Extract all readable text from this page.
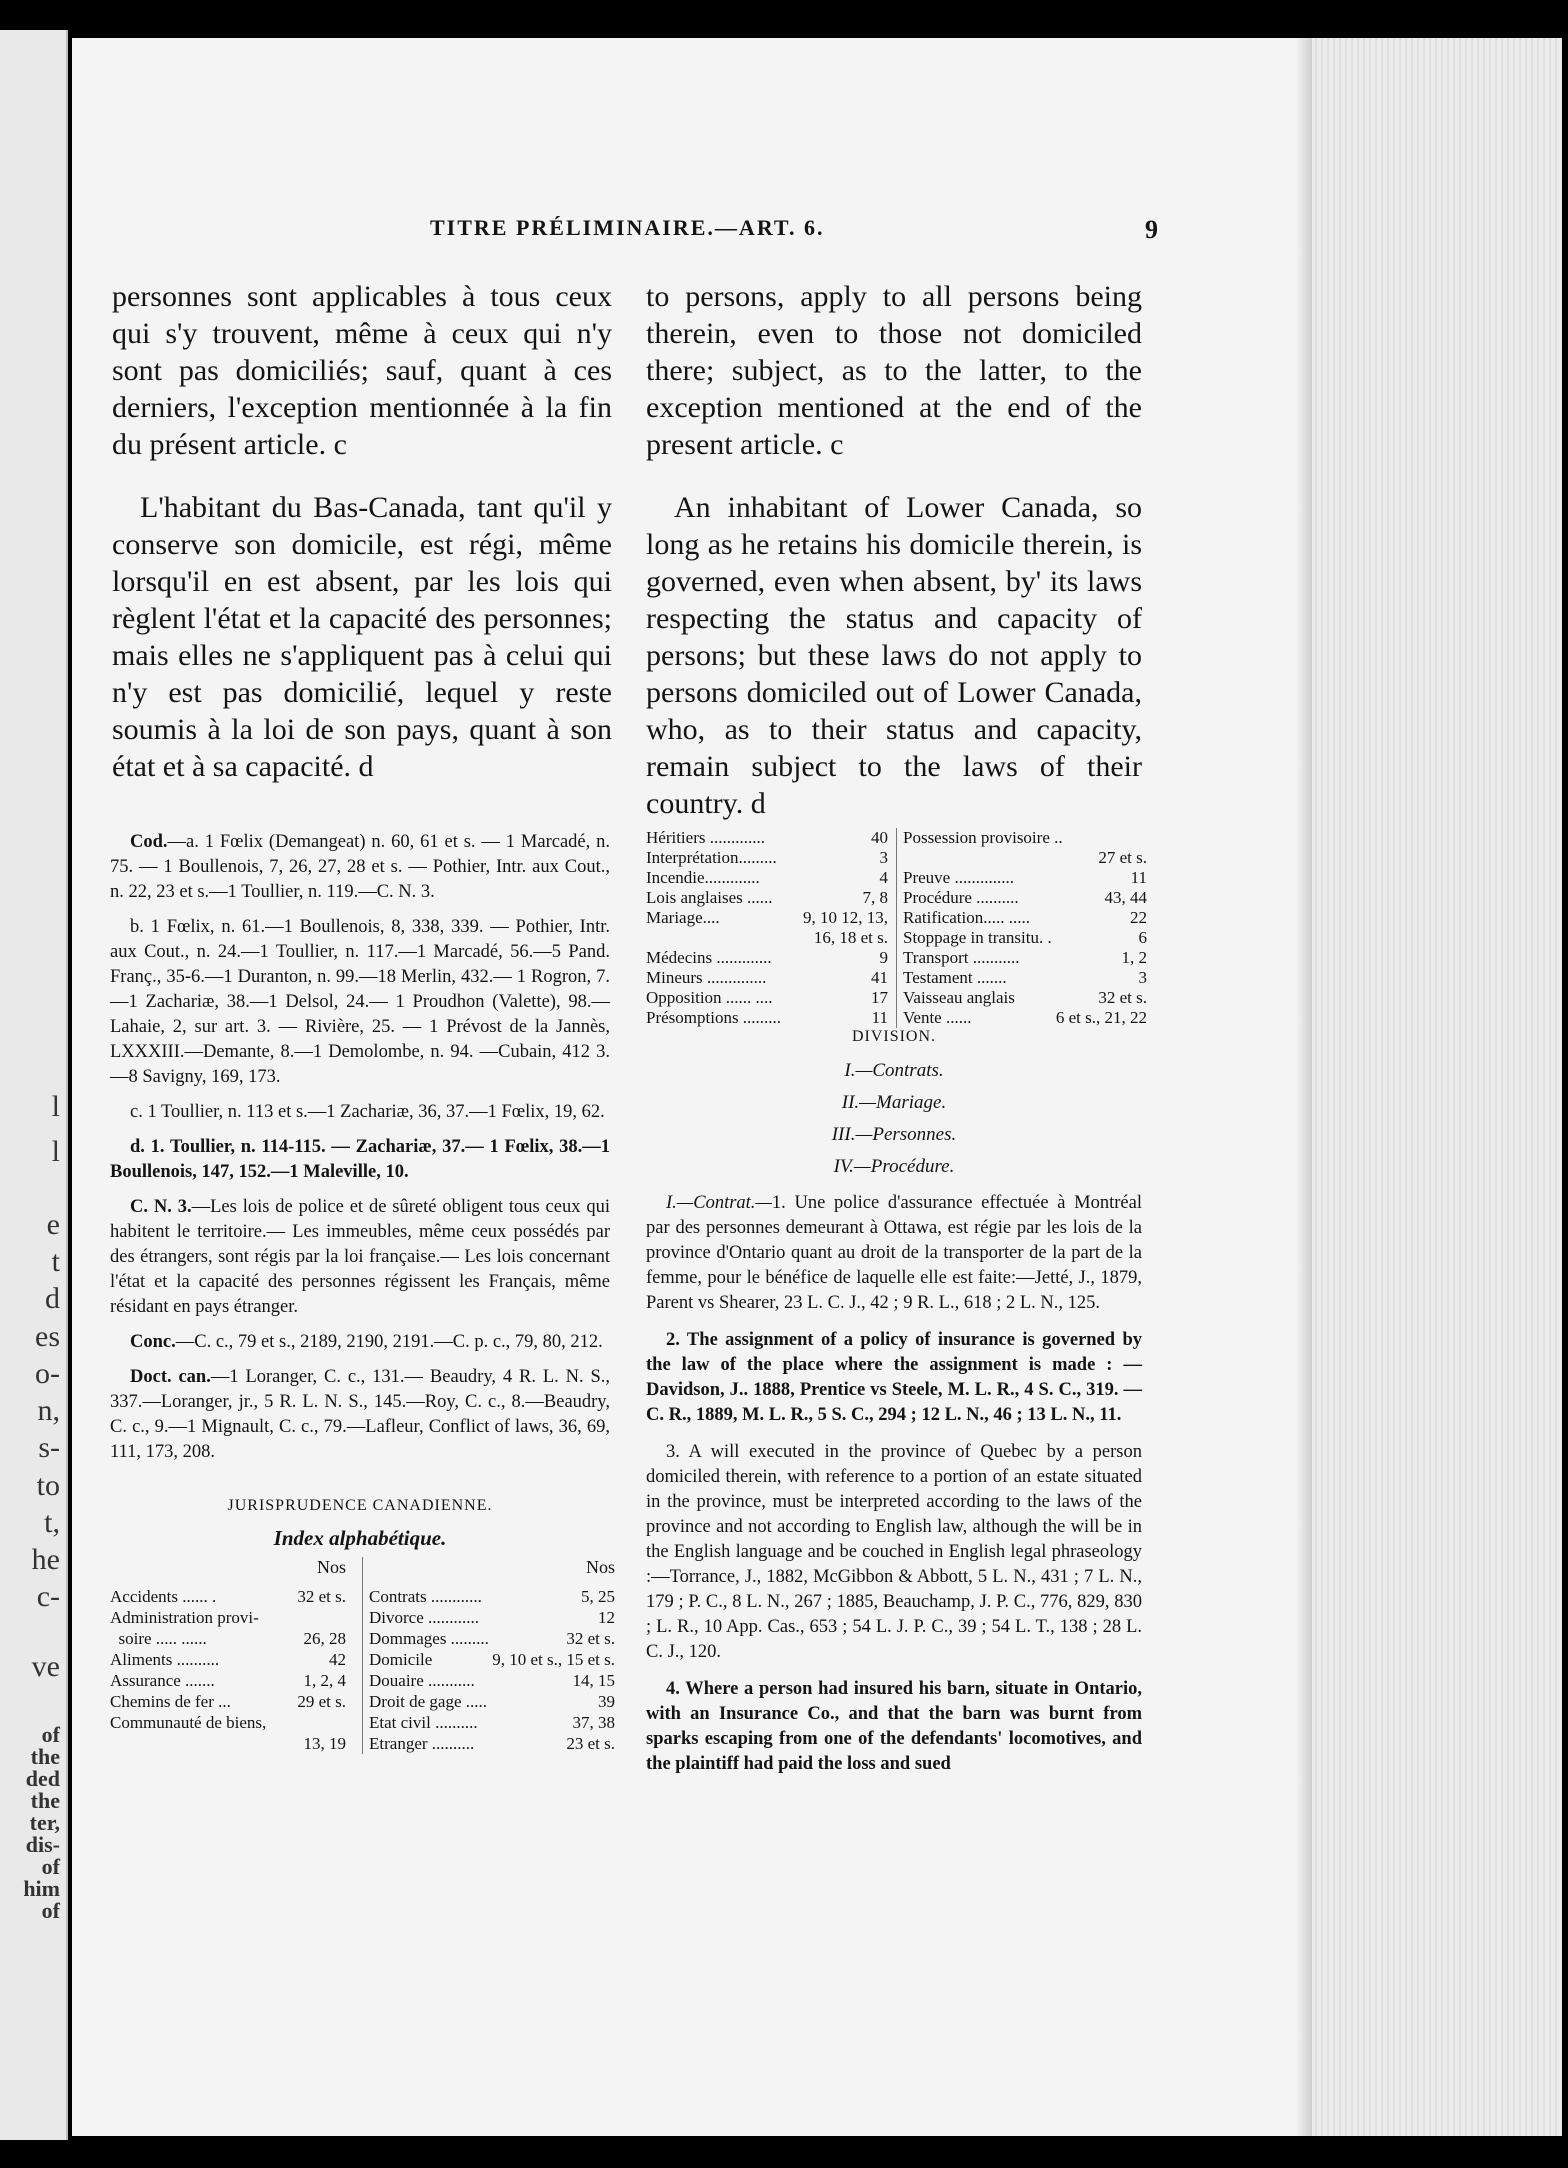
l
l
e
t
d
es
o-
n,
s-
to
t,
he
c-
ve
of
the
ded
the
ter,
dis-
of
him
of
TITRE PRÉLIMINAIRE.—ART. 6.	9

personnes sont applicables à tous ceux qui s'y trouvent, même à ceux qui n'y sont pas domiciliés; sauf, quant à ces derniers, l'exception mentionnée à la fin du présent article. c

L'habitant du Bas-Canada, tant qu'il y conserve son domicile, est régi, même lorsqu'il en est absent, par les lois qui règlent l'état et la capacité des personnes; mais elles ne s'appliquent pas à celui qui n'y est pas domicilié, lequel y reste soumis à la loi de son pays, quant à son état et à sa capacité. d

to persons, apply to all persons being therein, even to those not domiciled there; subject, as to the latter, to the exception mentioned at the end of the present article. c

An inhabitant of Lower Canada, so long as he retains his domicile therein, is governed, even when absent, by' its laws respecting the status and capacity of persons; but these laws do not apply to persons domiciled out of Lower Canada, who, as to their status and capacity, remain subject to the laws of their country. d

Cod.—a. 1 Fœlix (Demangeat) n. 60, 61 et s. — 1 Marcadé, n. 75. — 1 Boullenois, 7, 26, 27, 28 et s. — Pothier, Intr. aux Cout., n. 22, 23 et s.—1 Toullier, n. 119.—C. N. 3.

b. 1 Fœlix, n. 61.—1 Boullenois, 8, 338, 339. — Pothier, Intr. aux Cout., n. 24.—1 Toullier, n. 117.—1 Marcadé, 56.—5 Pand. Franç., 35-6.—1 Duranton, n. 99.—18 Merlin, 432.— 1 Rogron, 7.—1 Zachariæ, 38.—1 Delsol, 24.— 1 Proudhon (Valette), 98.—Lahaie, 2, sur art. 3. — Rivière, 25. — 1 Prévost de la Jannès, LXXXIII.—Demante, 8.—1 Demolombe, n. 94. —Cubain, 412 3.—8 Savigny, 169, 173.

c. 1 Toullier, n. 113 et s.—1 Zachariæ, 36, 37.—1 Fœlix, 19, 62.

d. 1. Toullier, n. 114-115. — Zachariæ, 37.— 1 Fœlix, 38.—1 Boullenois, 147, 152.—1 Maleville, 10.

C. N. 3.—Les lois de police et de sûreté obligent tous ceux qui habitent le territoire.— Les immeubles, même ceux possédés par des étrangers, sont régis par la loi française.— Les lois concernant l'état et la capacité des personnes régissent les Français, même résidant en pays étranger.

Conc.—C. c., 79 et s., 2189, 2190, 2191.—C. p. c., 79, 80, 212.

Doct. can.—1 Loranger, C. c., 131.— Beaudry, 4 R. L. N. S., 337.—Loranger, jr., 5 R. L. N. S., 145.—Roy, C. c., 8.—Beaudry, C. c., 9.—1 Mignault, C. c., 79.—Lafleur, Conflict of laws, 36, 69, 111, 173, 208.

JURISPRUDENCE CANADIENNE.
Index alphabétique.
Nos
Accidents ...... .	32 et s.
Administration provi-
soire ..... ......	26, 28
Aliments ..........	42
Assurance .......	1, 2, 4
Chemins de fer ...	29 et s.
Communauté de biens,
13, 19
Nos
Contrats ............	5, 25
Divorce ............	12
Dommages .........	32 et s.
Domicile	9, 10 et s., 15 et s.
Douaire ...........	14, 15
Droit de gage .....	39
Etat civil ..........	37, 38
Etranger ..........	23 et s.
Héritiers .............	40
Interprétation.........	3
Incendie.............	4
Lois anglaises ......	7, 8
Mariage....	9, 10 12, 13,
16, 18 et s.
Médecins .............	9
Mineurs ..............	41
Opposition ...... ....	17
Présomptions .........	11
Possession provisoire ..
27 et s.
Preuve ..............	11
Procédure ..........	43, 44
Ratification..... .....	22
Stoppage in transitu. .	6
Transport ...........	1, 2
Testament .......	3
Vaisseau anglais	32 et s.
Vente ......	6 et s., 21, 22
DIVISION.
I.—Contrats.
II.—Mariage.
III.—Personnes.
IV.—Procédure.

I.—Contrat.—1. Une police d'assurance effectuée à Montréal par des personnes demeurant à Ottawa, est régie par les lois de la province d'Ontario quant au droit de la transporter de la part de la femme, pour le bénéfice de laquelle elle est faite:—Jetté, J., 1879, Parent vs Shearer, 23 L. C. J., 42 ; 9 R. L., 618 ; 2 L. N., 125.

2. The assignment of a policy of insurance is governed by the law of the place where the assignment is made : — Davidson, J.. 1888, Prentice vs Steele, M. L. R., 4 S. C., 319. — C. R., 1889, M. L. R., 5 S. C., 294 ; 12 L. N., 46 ; 13 L. N., 11.

3. A will executed in the province of Quebec by a person domiciled therein, with reference to a portion of an estate situated in the province, must be interpreted according to the laws of the province and not according to English law, although the will be in the English language and be couched in English legal phraseology :—Torrance, J., 1882, McGibbon & Abbott, 5 L. N., 431 ; 7 L. N., 179 ; P. C., 8 L. N., 267 ; 1885, Beauchamp, J. P. C., 776, 829, 830 ; L. R., 10 App. Cas., 653 ; 54 L. J. P. C., 39 ; 54 L. T., 138 ; 28 L. C. J., 120.

4. Where a person had insured his barn, situate in Ontario, with an Insurance Co., and that the barn was burnt from sparks escaping from one of the defendants' locomotives, and the plaintiff had paid the loss and sued
